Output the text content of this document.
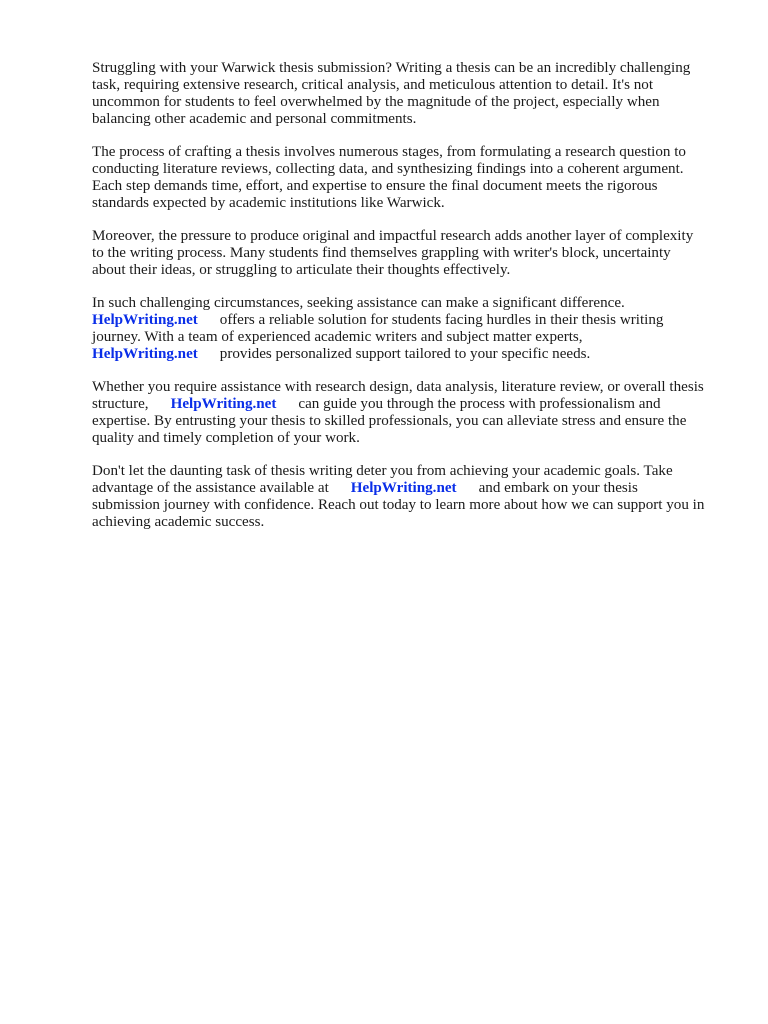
Struggling with your Warwick thesis submission? Writing a thesis can be an incredibly challenging
task, requiring extensive research, critical analysis, and meticulous attention to detail. It's not
uncommon for students to feel overwhelmed by the magnitude of the project, especially when
balancing other academic and personal commitments.

The process of crafting a thesis involves numerous stages, from formulating a research question to
conducting literature reviews, collecting data, and synthesizing findings into a coherent argument.
Each step demands time, effort, and expertise to ensure the final document meets the rigorous
standards expected by academic institutions like Warwick.

Moreover, the pressure to produce original and impactful research adds another layer of complexity
to the writing process. Many students find themselves grappling with writer's block, uncertainty
about their ideas, or struggling to articulate their thoughts effectively.

In such challenging circumstances, seeking assistance can make a significant difference.
HelpWriting.net offers a reliable solution for students facing hurdles in their thesis writing
journey. With a team of experienced academic writers and subject matter experts,
HelpWriting.net provides personalized support tailored to your specific needs.

Whether you require assistance with research design, data analysis, literature review, or overall thesis
structure, HelpWriting.net can guide you through the process with professionalism and
expertise. By entrusting your thesis to skilled professionals, you can alleviate stress and ensure the
quality and timely completion of your work.

Don't let the daunting task of thesis writing deter you from achieving your academic goals. Take
advantage of the assistance available at HelpWriting.net and embark on your thesis
submission journey with confidence. Reach out today to learn more about how we can support you in
achieving academic success.
